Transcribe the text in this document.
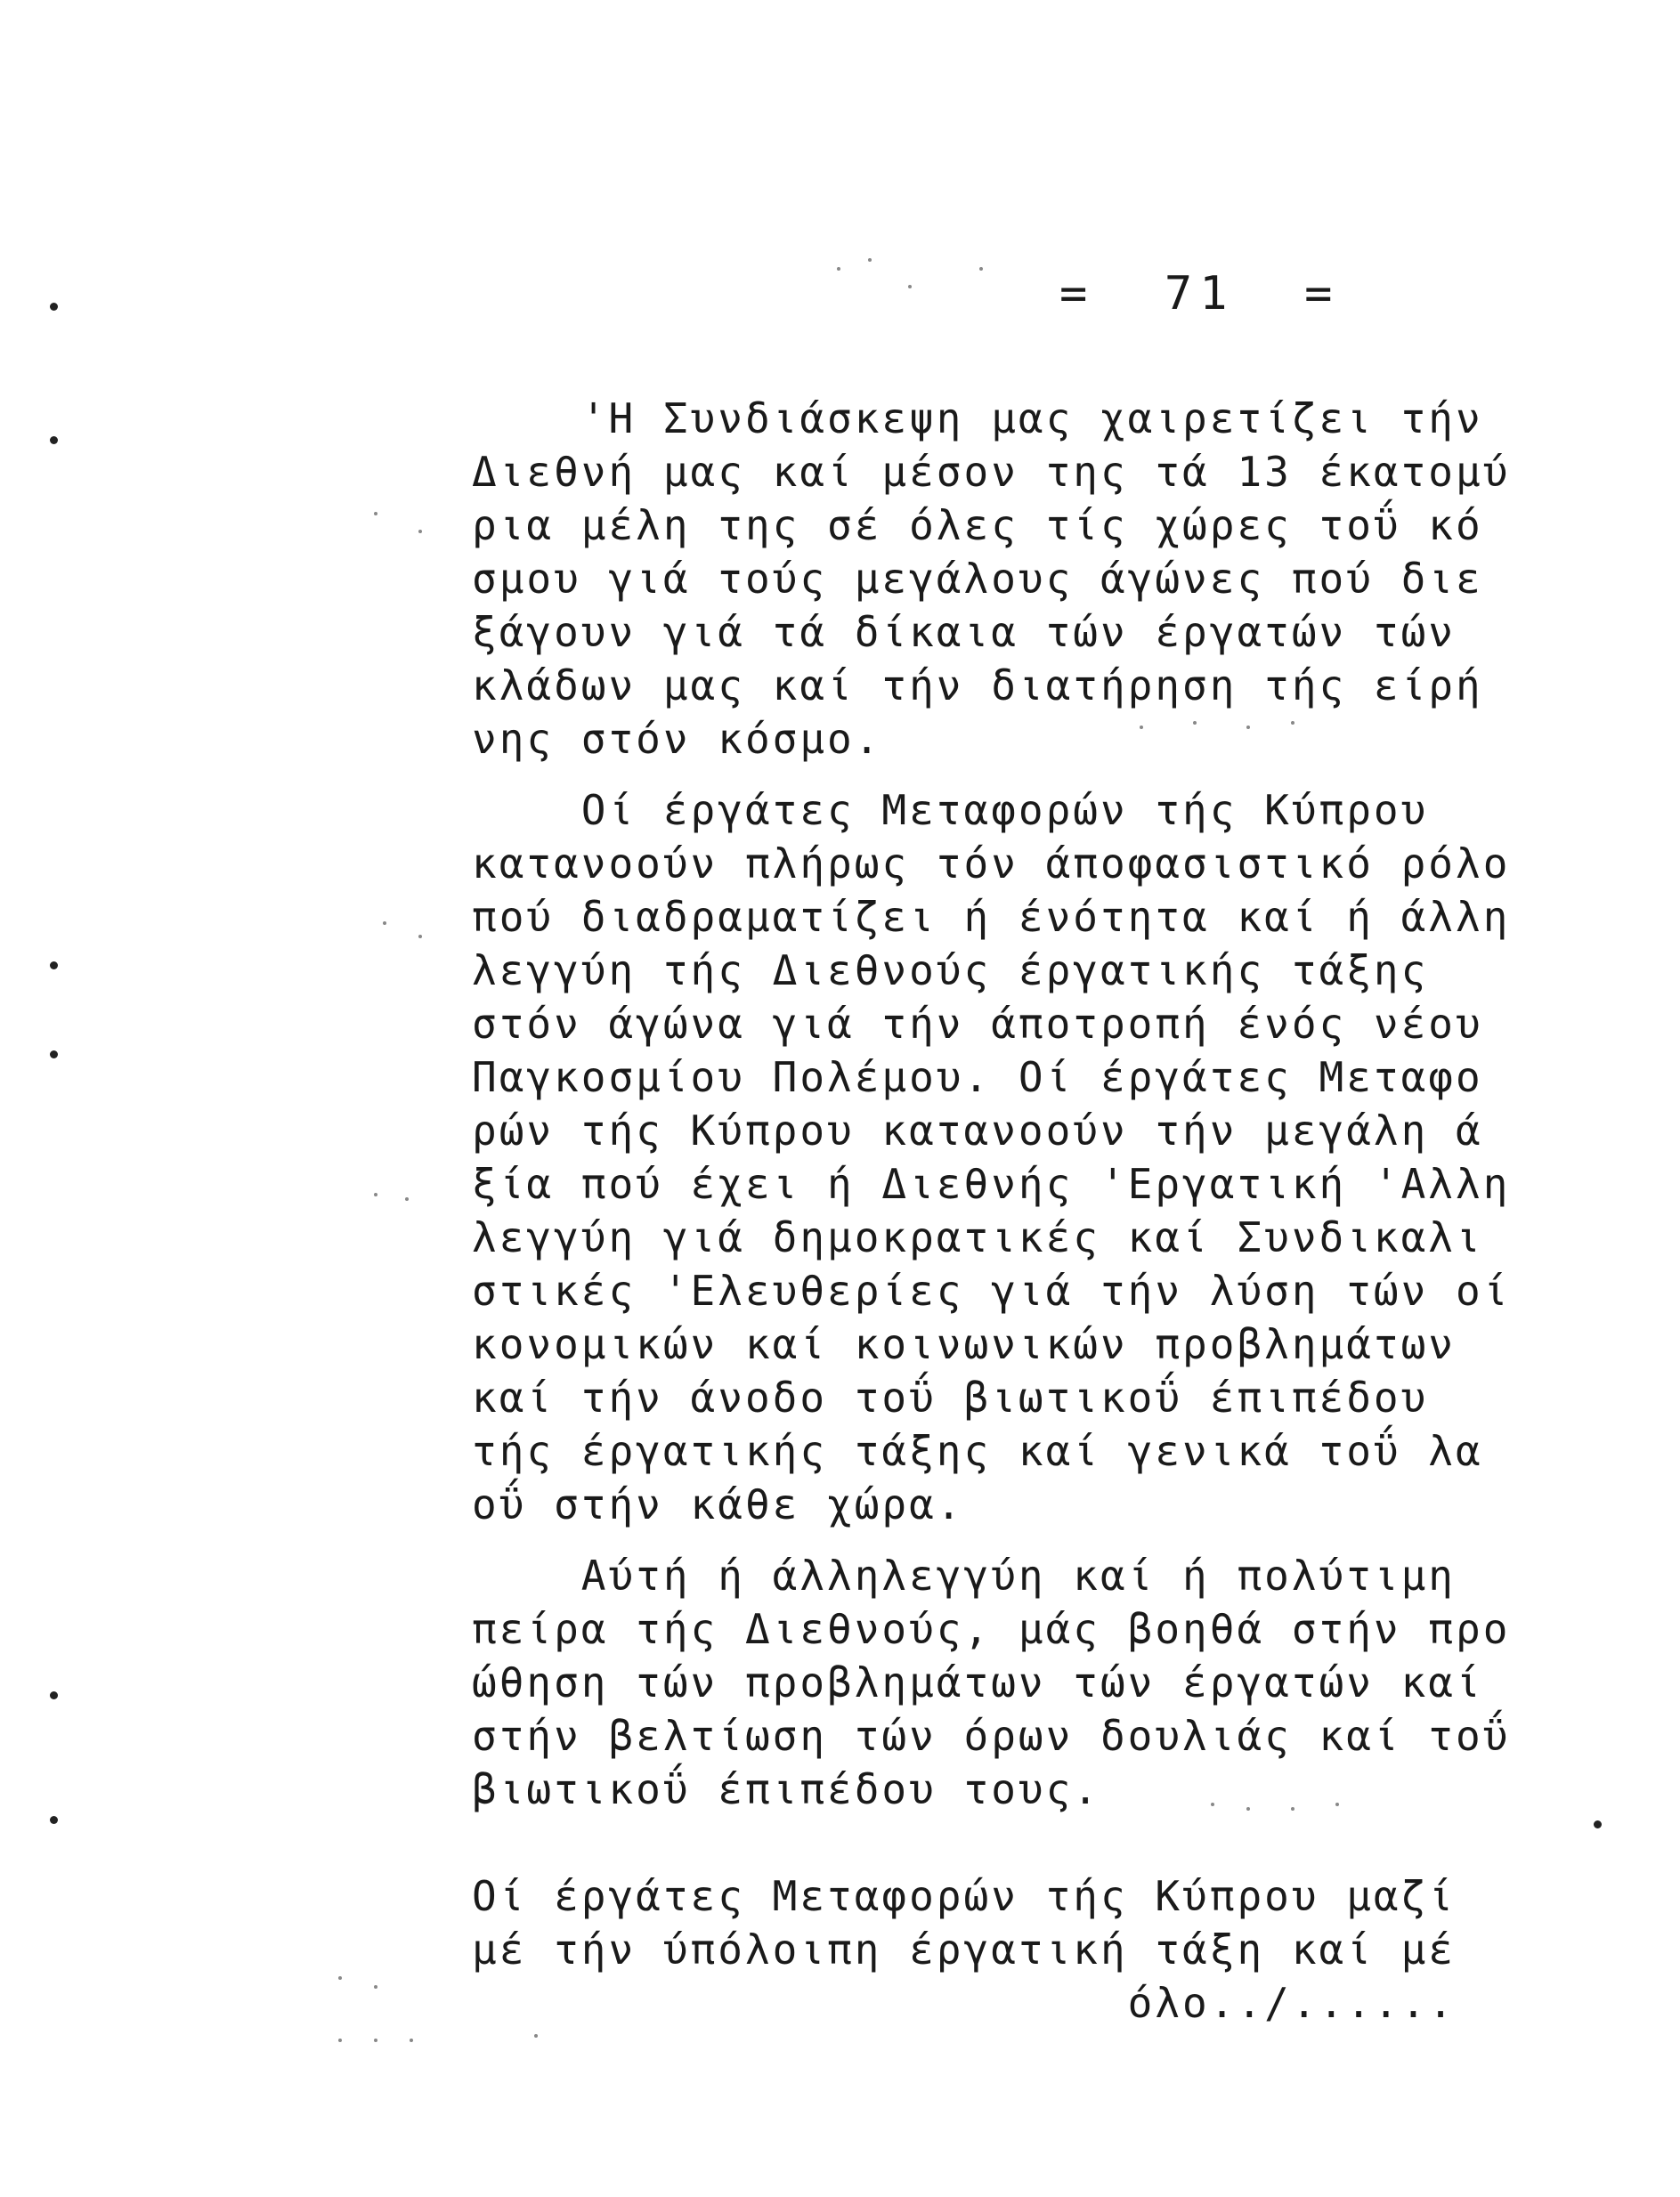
=  71  =
'Η Συνδιάσκεψη μας χαιρετίζει τήν
Διεθνή μας καί μέσον της τά 13 έκατομύ
ρια μέλη της σέ όλες τίς χώρες τοΰ κό
σμου γιά τούς μεγάλους άγώνες πού διε
ξάγουν γιά τά δίκαια τών έργατών τών
κλάδων μας καί τήν διατήρηση τής είρή
νης στόν κόσμο.
Οί έργάτες Μεταφορών τής Κύπρου
κατανοούν πλήρως τόν άποφασιστικό ρόλο
πού διαδραματίζει ή ένότητα καί ή άλλη
λεγγύη τής Διεθνούς έργατικής τάξης
στόν άγώνα γιά τήν άποτροπή ένός νέου
Παγκοσμίου Πολέμου. Οί έργάτες Μεταφο
ρών τής Κύπρου κατανοούν τήν μεγάλη ά
ξία πού έχει ή Διεθνής 'Εργατική 'Αλλη
λεγγύη γιά δημοκρατικές καί Συνδικαλι
στικές 'Ελευθερίες γιά τήν λύση τών οί
κονομικών καί κοινωνικών προβλημάτων
καί τήν άνοδο τοΰ βιωτικοΰ έπιπέδου
τής έργατικής τάξης καί γενικά τοΰ λα
οΰ στήν κάθε χώρα.
Αύτή ή άλληλεγγύη καί ή πολύτιμη
πείρα τής Διεθνούς, μάς βοηθά στήν προ
ώθηση τών προβλημάτων τών έργατών καί
στήν βελτίωση τών όρων δουλιάς καί τοΰ
βιωτικοΰ έπιπέδου τους.
Οί έργάτες Μεταφορών τής Κύπρου μαζί
μέ τήν ύπόλοιπη έργατική τάξη καί μέ
όλο../......
